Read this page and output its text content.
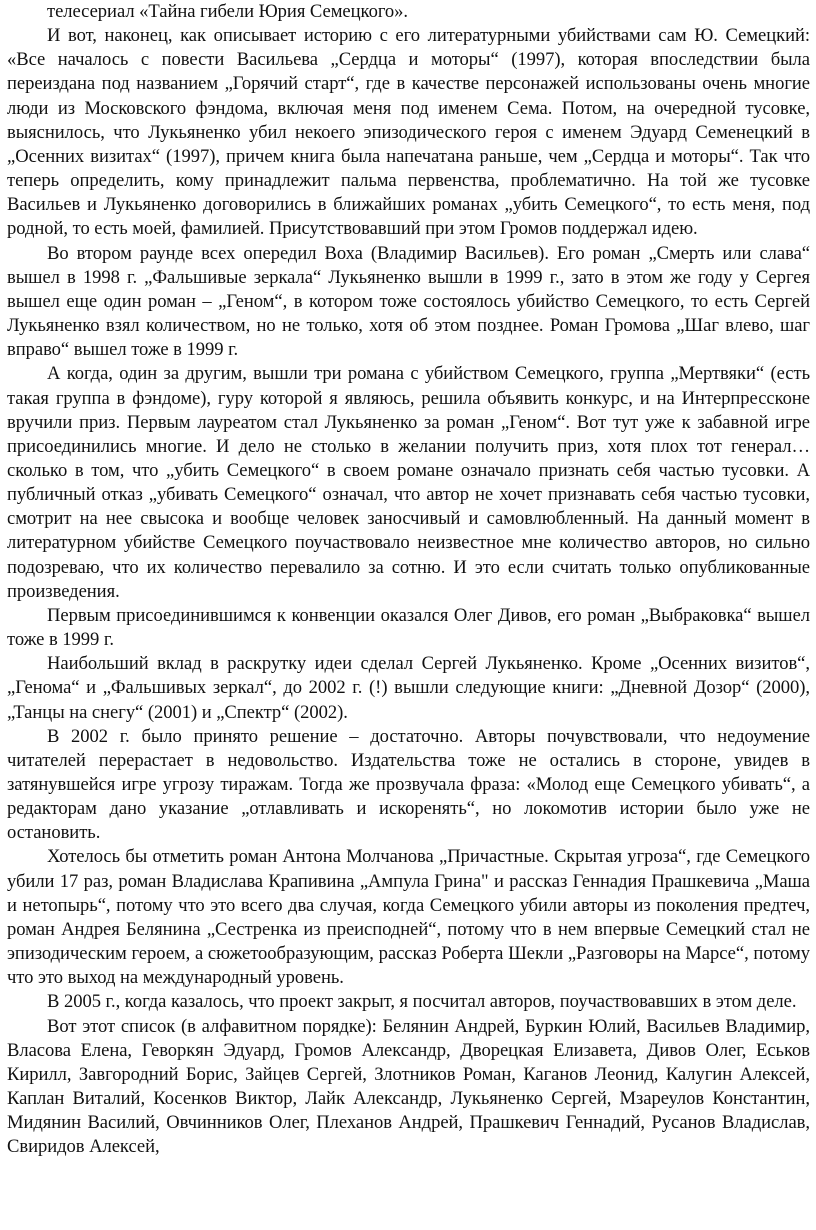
телесериал «Тайна гибели Юрия Семецкого».

И вот, наконец, как описывает историю с его литературными убийствами сам Ю. Семецкий: «Все началось с повести Васильева „Сердца и моторы“ (1997), которая впоследствии была переиздана под названием „Горячий старт“, где в качестве персонажей использованы очень многие люди из Московского фэндома, включая меня под именем Сема. Потом, на очередной тусовке, выяснилось, что Лукьяненко убил некоего эпизодического героя с именем Эдуард Семенецкий в „Осенних визитах“ (1997), причем книга была напечатана раньше, чем „Сердца и моторы“. Так что теперь определить, кому принадлежит пальма первенства, проблематично. На той же тусовке Васильев и Лукьяненко договорились в ближайших романах „убить Семецкого“, то есть меня, под родной, то есть моей, фамилией. Присутствовавший при этом Громов поддержал идею.

Во втором раунде всех опередил Воха (Владимир Васильев). Его роман „Смерть или слава“ вышел в 1998 г. „Фальшивые зеркала“ Лукьяненко вышли в 1999 г., зато в этом же году у Сергея вышел еще один роман – „Геном“, в котором тоже состоялось убийство Семецкого, то есть Сергей Лукьяненко взял количеством, но не только, хотя об этом позднее. Роман Громова „Шаг влево, шаг вправо“ вышел тоже в 1999 г.

А когда, один за другим, вышли три романа с убийством Семецкого, группа „Мертвяки“ (есть такая группа в фэндоме), гуру которой я являюсь, решила объявить конкурс, и на Интерпрессконе вручили приз. Первым лауреатом стал Лукьяненко за роман „Геном“. Вот тут уже к забавной игре присоединились многие. И дело не столько в желании получить приз, хотя плох тот генерал… сколько в том, что „убить Семецкого“ в своем романе означало признать себя частью тусовки. А публичный отказ „убивать Семецкого“ означал, что автор не хочет признавать себя частью тусовки, смотрит на нее свысока и вообще человек заносчивый и самовлюбленный. На данный момент в литературном убийстве Семецкого поучаствовало неизвестное мне количество авторов, но сильно подозреваю, что их количество перевалило за сотню. И это если считать только опубликованные произведения.

Первым присоединившимся к конвенции оказался Олег Дивов, его роман „Выбраковка“ вышел тоже в 1999 г.

Наибольший вклад в раскрутку идеи сделал Сергей Лукьяненко. Кроме „Осенних визитов“, „Генома“ и „Фальшивых зеркал“, до 2002 г. (!) вышли следующие книги: „Дневной Дозор“ (2000), „Танцы на снегу“ (2001) и „Спектр“ (2002).

В 2002 г. было принято решение – достаточно. Авторы почувствовали, что недоумение читателей перерастает в недовольство. Издательства тоже не остались в стороне, увидев в затянувшейся игре угрозу тиражам. Тогда же прозвучала фраза: «Молод еще Семецкого убивать“, а редакторам дано указание „отлавливать и искоренять“, но локомотив истории было уже не остановить.

Хотелось бы отметить роман Антона Молчанова „Причастные. Скрытая угроза“, где Семецкого убили 17 раз, роман Владислава Крапивина „Ампула Грина" и рассказ Геннадия Прашкевича „Маша и нетопырь“, потому что это всего два случая, когда Семецкого убили авторы из поколения предтеч, роман Андрея Белянина „Сестренка из преисподней“, потому что в нем впервые Семецкий стал не эпизодическим героем, а сюжетообразующим, рассказ Роберта Шекли „Разговоры на Марсе“, потому что это выход на международный уровень.

В 2005 г., когда казалось, что проект закрыт, я посчитал авторов, поучаствовавших в этом деле.

Вот этот список (в алфавитном порядке): Белянин Андрей, Буркин Юлий, Васильев Владимир, Власова Елена, Геворкян Эдуард, Громов Александр, Дворецкая Елизавета, Дивов Олег, Еськов Кирилл, Завгородний Борис, Зайцев Сергей, Злотников Роман, Каганов Леонид, Калугин Алексей, Каплан Виталий, Косенков Виктор, Лайк Александр, Лукьяненко Сергей, Мзареулов Константин, Мидянин Василий, Овчинников Олег, Плеханов Андрей, Прашкевич Геннадий, Русанов Владислав, Свиридов Алексей,
